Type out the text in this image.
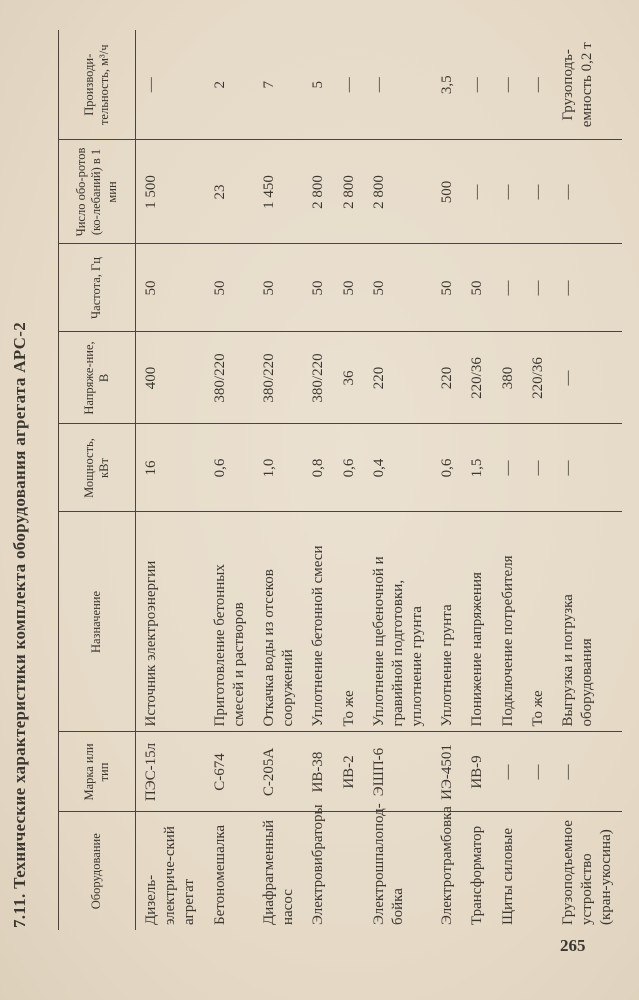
7.11. Технические характеристики комплекта оборудования агрегата АРС-2	Оборудование	Марка или тип	Назначение	Мощность, кВт	Напряже-ние, В	Частота, Гц	Число обо-ротов (ко-лебаний) в 1 мин	Производи-тельность, м³/ч
Дизель-электриче-ский агрегат	ПЭС-15л	Источник электроэнергии	16	400	50	1 500	—
Бетономешалка	С-674	Приготовление бетонных смесей и растворов	0,6	380/220	50	23	2
Диафрагменный насос	С-205А	Откачка воды из отсеков сооружений	1,0	380/220	50	1 450	7
Электровибраторы	ИВ-38	Уплотнение бетонной смеси	0,8	380/220	50	2 800	5
	ИВ-2	То же	0,6	36	50	2 800	—
Электрошпалопод-бойка	ЭШП-6	Уплотнение щебеночной и гравийной подготовки, уплотнение грунта	0,4	220	50	2 800	—
Электротрамбовка	ИЭ-4501	Уплотнение грунта	0,6	220	50	500	3,5
Трансформатор	ИВ-9	Понижение напряжения	1,5	220/36	50	—	—
Щиты силовые	—	Подключение потребителя	—	380	—	—	—
	—	То же	—	220/36	—	—	—
Грузоподъемное устройство (кран-укосина)	—	Выгрузка и погрузка оборудования	—	—	—	—	Грузоподъ-емность 0,2 т
265
